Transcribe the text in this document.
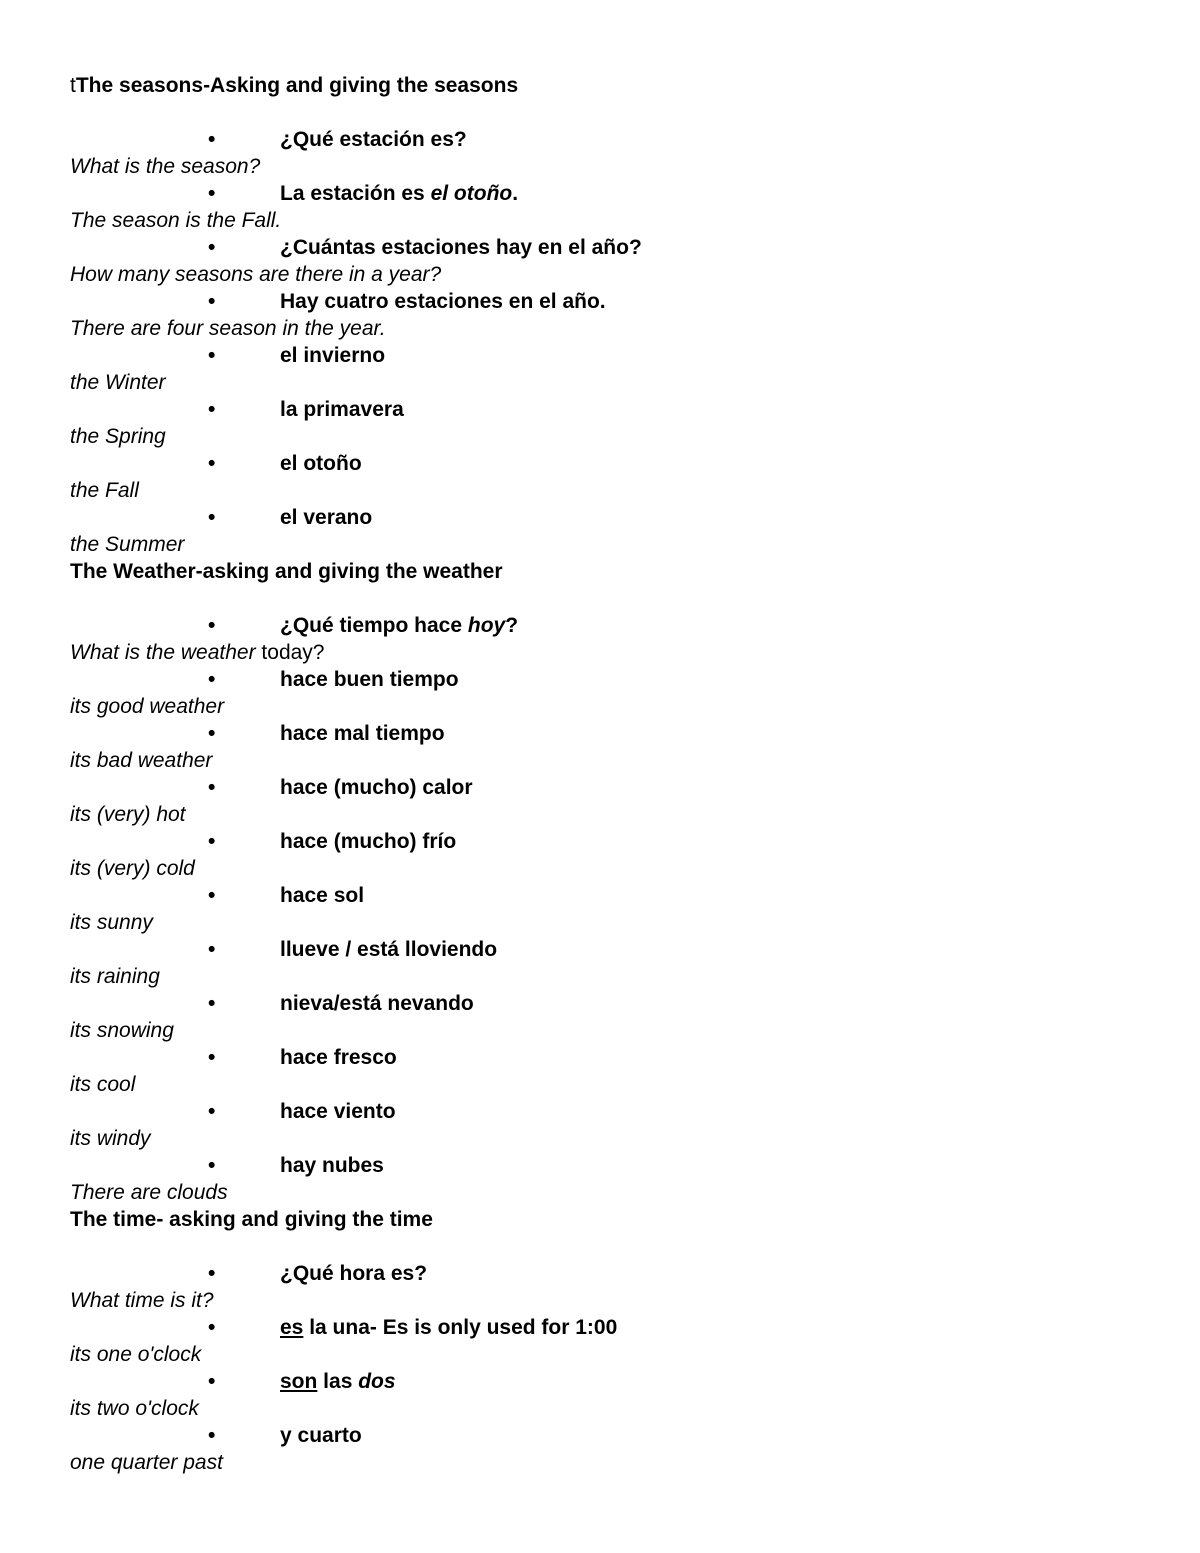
tThe seasons-Asking and giving the seasons
•	¿Qué estación es?
What is the season?
•	La estación es el otoño.
The season is the Fall.
•	¿Cuántas estaciones hay en el año?
How many seasons are there in a year?
•	Hay cuatro estaciones en el año.
There are four season in the year.
•	el invierno
the Winter
•	la primavera
the Spring
•	el otoño
the Fall
•	el verano
the Summer
The Weather-asking and giving the weather
•	¿Qué tiempo hace hoy?
What is the weather today?
•	hace buen tiempo
its good weather
•	hace mal tiempo
its bad weather
•	hace (mucho) calor
its (very) hot
•	hace (mucho) frío
its (very) cold
•	hace sol
its sunny
•	llueve / está lloviendo
its raining
•	nieva/está nevando
its snowing
•	hace fresco
its cool
•	hace viento
its windy
•	hay nubes
There are clouds
The time- asking and giving the time
•	¿Qué hora es?
What time is it?
•	es la una- Es is only used for 1:00
its one o'clock
•	son las dos
its two o'clock
•	y cuarto
one quarter past
